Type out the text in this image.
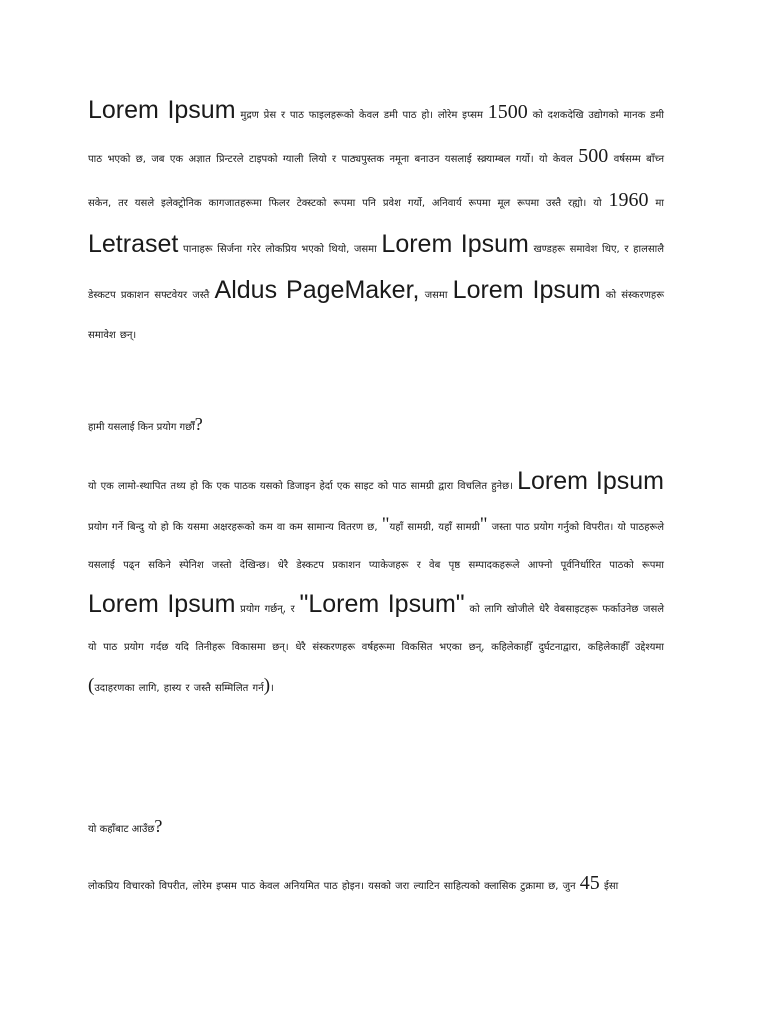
Lorem Ipsum मुद्रण प्रेस र पाठ फाइलहरूको केवल डमी पाठ हो। लोरेम इप्सम 1500 को दशकदेखि उद्योगको मानक डमी पाठ भएको छ, जब एक अज्ञात प्रिन्टरले टाइपको ग्याली लियो र पाठ्यपुस्तक नमूना बनाउन यसलाई स्क्र्याम्बल गर्यो। यो केवल 500 वर्षसम्म बाँच्न सकेन, तर यसले इलेक्ट्रोनिक कागजातहरूमा फिलर टेक्स्टको रूपमा पनि प्रवेश गर्यो, अनिवार्य रूपमा मूल रूपमा उस्तै रह्यो। यो 1960 मा Letraset पानाहरू सिर्जना गरेर लोकप्रिय भएको थियो, जसमा Lorem Ipsum खण्डहरू समावेश थिए, र हालसालै डेस्कटप प्रकाशन सफ्टवेयर जस्तै Aldus PageMaker, जसमा Lorem Ipsum को संस्करणहरू समावेश छन्।

हामी यसलाई किन प्रयोग गर्छौं?

यो एक लामो-स्थापित तथ्य हो कि एक पाठक यसको डिजाइन हेर्दा एक साइट को पाठ सामग्री द्वारा विचलित हुनेछ। Lorem Ipsum प्रयोग गर्ने बिन्दु यो हो कि यसमा अक्षरहरूको कम वा कम सामान्य वितरण छ, "यहाँ सामग्री, यहाँ सामग्री" जस्ता पाठ प्रयोग गर्नुको विपरीत। यो पाठहरूले यसलाई पढ्न सकिने स्पेनिश जस्तो देखिन्छ। धेरै डेस्कटप प्रकाशन प्याकेजहरू र वेब पृष्ठ सम्पादकहरूले आफ्नो पूर्वनिर्धारित पाठको रूपमा Lorem Ipsum प्रयोग गर्छन्, र "Lorem Ipsum" को लागि खोजीले धेरै वेबसाइटहरू फर्काउनेछ जसले यो पाठ प्रयोग गर्दछ यदि तिनीहरू विकासमा छन्। धेरै संस्करणहरू वर्षहरूमा विकसित भएका छन्, कहिलेकाहीँ दुर्घटनाद्वारा, कहिलेकाहीँ उद्देश्यमा (उदाहरणका लागि, हास्य र जस्तै सम्मिलित गर्न)।

यो कहाँबाट आउँछ?

लोकप्रिय विचारको विपरीत, लोरेम इप्सम पाठ केवल अनियमित पाठ होइन। यसको जरा ल्याटिन साहित्यको क्लासिक टुक्रामा छ, जुन 45 ईसा
